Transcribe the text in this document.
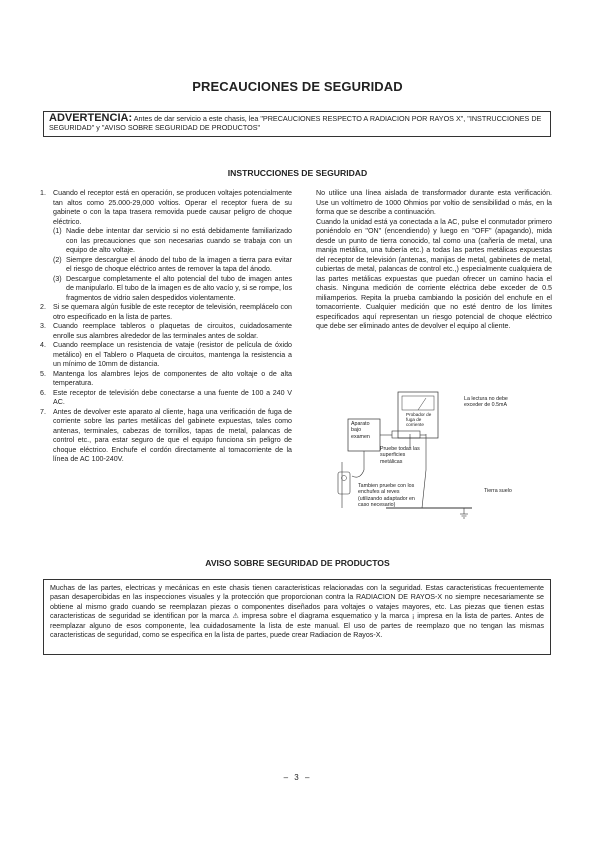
PRECAUCIONES DE SEGURIDAD
ADVERTENCIA: Antes de dar servicio a este chasis, lea "PRECAUCIONES RESPECTO A RADIACION POR RAYOS X", "INSTRUCCIONES DE SEGURIDAD" y "AVISO SOBRE SEGURIDAD DE PRODUCTOS"
INSTRUCCIONES DE SEGURIDAD
1. Cuando el receptor está en operación, se producen voltajes potencialmente tan altos como 25.000-29,000 voltios. Operar el receptor fuera de su gabinete o con la tapa trasera removida puede causar peligro de choque eléctrico.
(1) Nadie debe intentar dar servicio si no está debidamente familiarizado con las precauciones que son necesarias cuando se trabaja con un equipo de alto voltaje.
(2) Siempre descargue el ánodo del tubo de la imagen a tierra para evitar el riesgo de choque eléctrico antes de remover la tapa del ánodo.
(3) Descargue completamente el alto potencial del tubo de imagen antes de manipularlo. El tubo de la imagen es de alto vacío y, si se rompe, los fragmentos de vidrio salen despedidos violentamente.
2. Si se quemara algún fusible de este receptor de televisión, reemplácelo con otro especificado en la lista de partes.
3. Cuando reemplace tableros o plaquetas de circuitos, cuidadosamente enrolle sus alambres alrededor de las terminales antes de soldar.
4. Cuando reemplace un resistencia de vataje (resistor de película de óxido metálico) en el Tablero o Plaqueta de circuitos, mantenga la resistencia a un mínimo de 10mm de distancia.
5. Mantenga los alambres lejos de componentes de alto voltaje o de alta temperatura.
6. Este receptor de televisión debe conectarse a una fuente de 100 a 240 V AC.
7. Antes de devolver este aparato al cliente, haga una verificación de fuga de corriente sobre las partes metálicas del gabinete expuestas, tales como antenas, terminales, cabezas de tornillos, tapas de metal, palancas de control etc., para estar seguro de que el equipo funciona sin peligro de choque eléctrico. Enchufe el cordón directamente al tomacorriente de la línea de AC 100-240V.

No utilice una línea aislada de transformador durante esta verificación. Use un voltímetro de 1000 Ohmios por voltio de sensibilidad o más, en la forma que se describe a continuación.

Cuando la unidad está ya conectada a la AC, pulse el conmutador primero poniéndolo en "ON" (encendiendo) y luego en "OFF" (apagando), mida desde un punto de tierra conocido, tal como una (cañería de metal, una manija metálica, una tubería etc.) a todas las partes metálicas expuestas del receptor de televisión (antenas, manijas de metal, gabinetes de metal, cubiertas de metal, palancas de control etc.,) especialmente cualquiera de las partes metálicas expuestas que puedan ofrecer un camino hacia el chasis. Ninguna medición de corriente eléctrica debe exceder de 0.5 miliamperios. Repita la prueba cambiando la posición del enchufe en el tomacorriente. Cualquier medición que no esté dentro de los límites especificados aquí representan un riesgo potencial de choque eléctrico que debe ser eliminado antes de devolver el equipo al cliente.

La lectura no debe exceder de 0.5mA
Aparato bajo examen
Probador de fuga de corriente
Pruebe todas las superficies metálicas
Tambien pruebe con los enchufes al reves (utilizando adaptador en caso necesario)
Tierra suelo
AVISO SOBRE SEGURIDAD DE PRODUCTOS
Muchas de las partes, electricas y mecánicas en este chasis tienen caracteristicas relacionadas con la seguridad. Estas caracteristicas frecuentemente pasan desapercibidas en las inspecciones visuales y la protección que proporcionan contra la RADIACION DE RAYOS-X no siempre necesariamente se obtiene al mismo grado cuando se reemplazan piezas o componentes diseñados para voltajes o vatajes mayores, etc. Las piezas que tienen estas caracteristicas de seguridad se identifican por la marca ⚠ impresa sobre el diagrama esquematico y la marca ¡ impresa en la lista de partes. Antes de reemplazar alguno de esos componente, lea cuidadosamente la lista de este manual. El uso de partes de reemplazo que no tengan las mismas caracteristicas de seguridad, como se especifica en la lista de partes, puede crear Radiacion de Rayos-X.
– 3 –
